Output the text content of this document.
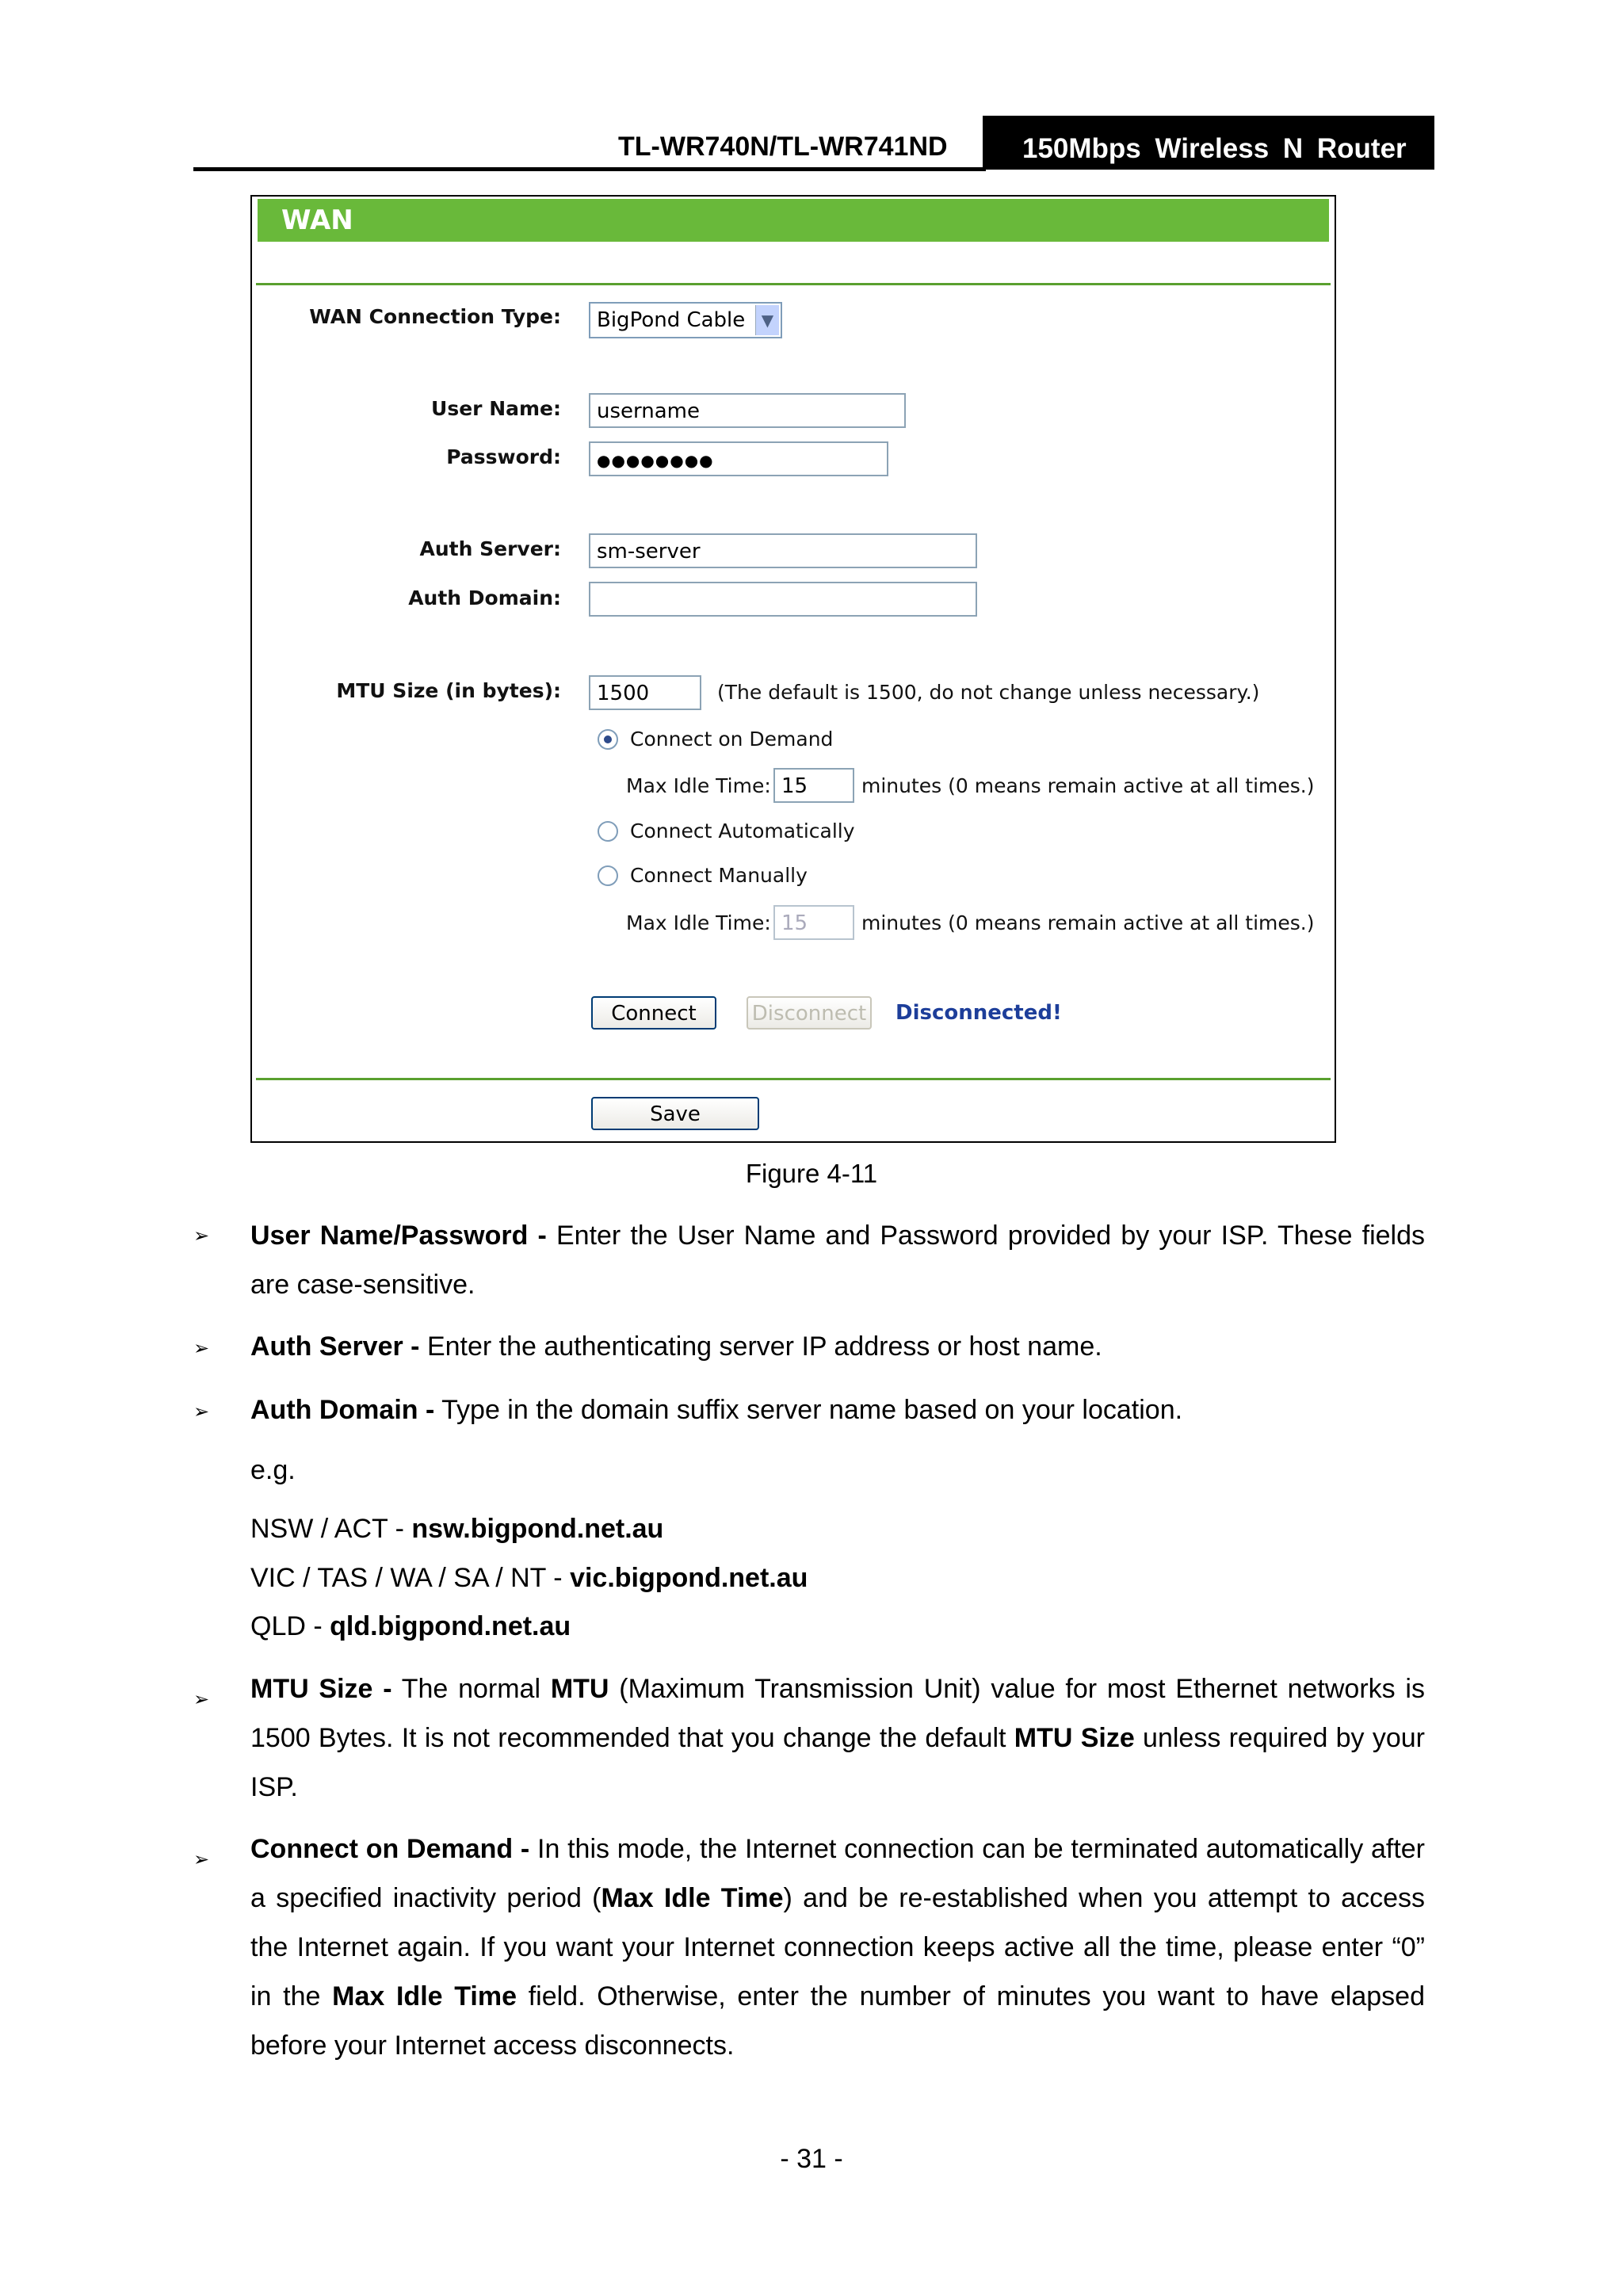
TL-WR740N/TL-WR741ND	150Mbps Wireless N Router
WAN
WAN Connection Type:	BigPond Cable	▼
User Name:	username
Password:	●●●●●●●●
Auth Server:	sm-server
Auth Domain:
MTU Size (in bytes):	1500	(The default is 1500, do not change unless necessary.)
Connect on Demand
Max Idle Time: 15	minutes (0 means remain active at all times.)
Connect Automatically
Connect Manually
Max Idle Time: 15	minutes (0 means remain active at all times.)
Connect	Disconnect Disconnected!
Save
Figure 4-11
➢ User Name/Password - Enter the User Name and Password provided by your ISP. These fields are case-sensitive.
➢ Auth Server - Enter the authenticating server IP address or host name.
➢ Auth Domain - Type in the domain suffix server name based on your location.
e.g.
NSW / ACT - nsw.bigpond.net.au
VIC / TAS / WA / SA / NT - vic.bigpond.net.au
QLD - qld.bigpond.net.au
➢ MTU Size - The normal MTU (Maximum Transmission Unit) value for most Ethernet networks is 1500 Bytes. It is not recommended that you change the default MTU Size unless required by your ISP.
➢ Connect on Demand - In this mode, the Internet connection can be terminated automatically after a specified inactivity period (Max Idle Time) and be re-established when you attempt to access the Internet again. If you want your Internet connection keeps active all the time, please enter “0” in the Max Idle Time field. Otherwise, enter the number of minutes you want to have elapsed before your Internet access disconnects.
- 31 -
